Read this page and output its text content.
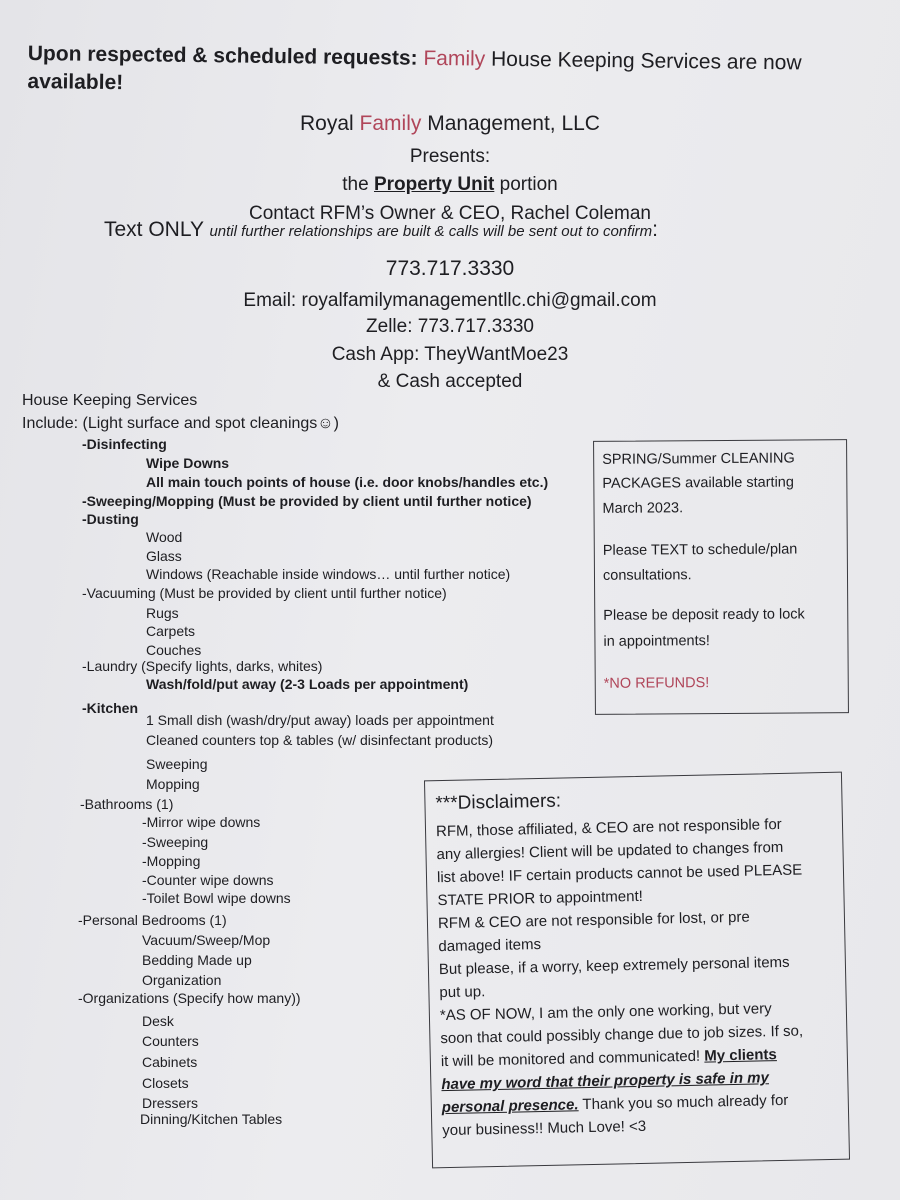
Upon respected & scheduled requests: Family House Keeping Services are now
available!
Royal Family Management, LLC
Presents:
the Property Unit portion
Contact RFM’s Owner & CEO, Rachel Coleman
Text ONLY until further relationships are built & calls will be sent out to confirm:
773.717.3330
Email: royalfamilymanagementllc.chi@gmail.com
Zelle: 773.717.3330
Cash App: TheyWantMoe23
& Cash accepted
House Keeping Services
Include: (Light surface and spot cleanings☺)
-Disinfecting
Wipe Downs
All main touch points of house (i.e. door knobs/handles etc.)
-Sweeping/Mopping (Must be provided by client until further notice)
-Dusting
Wood
Glass
Windows (Reachable inside windows… until further notice)
-Vacuuming (Must be provided by client until further notice)
Rugs
Carpets
Couches
-Laundry (Specify lights, darks, whites)
Wash/fold/put away (2-3 Loads per appointment)
-Kitchen
1 Small dish (wash/dry/put away) loads per appointment
Cleaned counters top & tables (w/ disinfectant products)
Sweeping
Mopping
-Bathrooms (1)
-Mirror wipe downs
-Sweeping
-Mopping
-Counter wipe downs
-Toilet Bowl wipe downs
-Personal Bedrooms (1)
Vacuum/Sweep/Mop
Bedding Made up
Organization
-Organizations (Specify how many))
Desk
Counters
Cabinets
Closets
Dressers
Dinning/Kitchen Tables

SPRING/Summer CLEANING

PACKAGES available starting

March 2023.

Please TEXT to schedule/plan

consultations.

Please be deposit ready to lock

in appointments!

*NO REFUNDS!

***Disclaimers:
RFM, those affiliated, & CEO are not responsible for
any allergies! Client will be updated to changes from
list above! IF certain products cannot be used PLEASE
STATE PRIOR to appointment!
RFM & CEO are not responsible for lost, or pre
damaged items
But please, if a worry, keep extremely personal items
put up.
*AS OF NOW, I am the only one working, but very
soon that could possibly change due to job sizes. If so,
it will be monitored and communicated! My clients
have my word that their property is safe in my
personal presence. Thank you so much already for
your business!! Much Love! <3
